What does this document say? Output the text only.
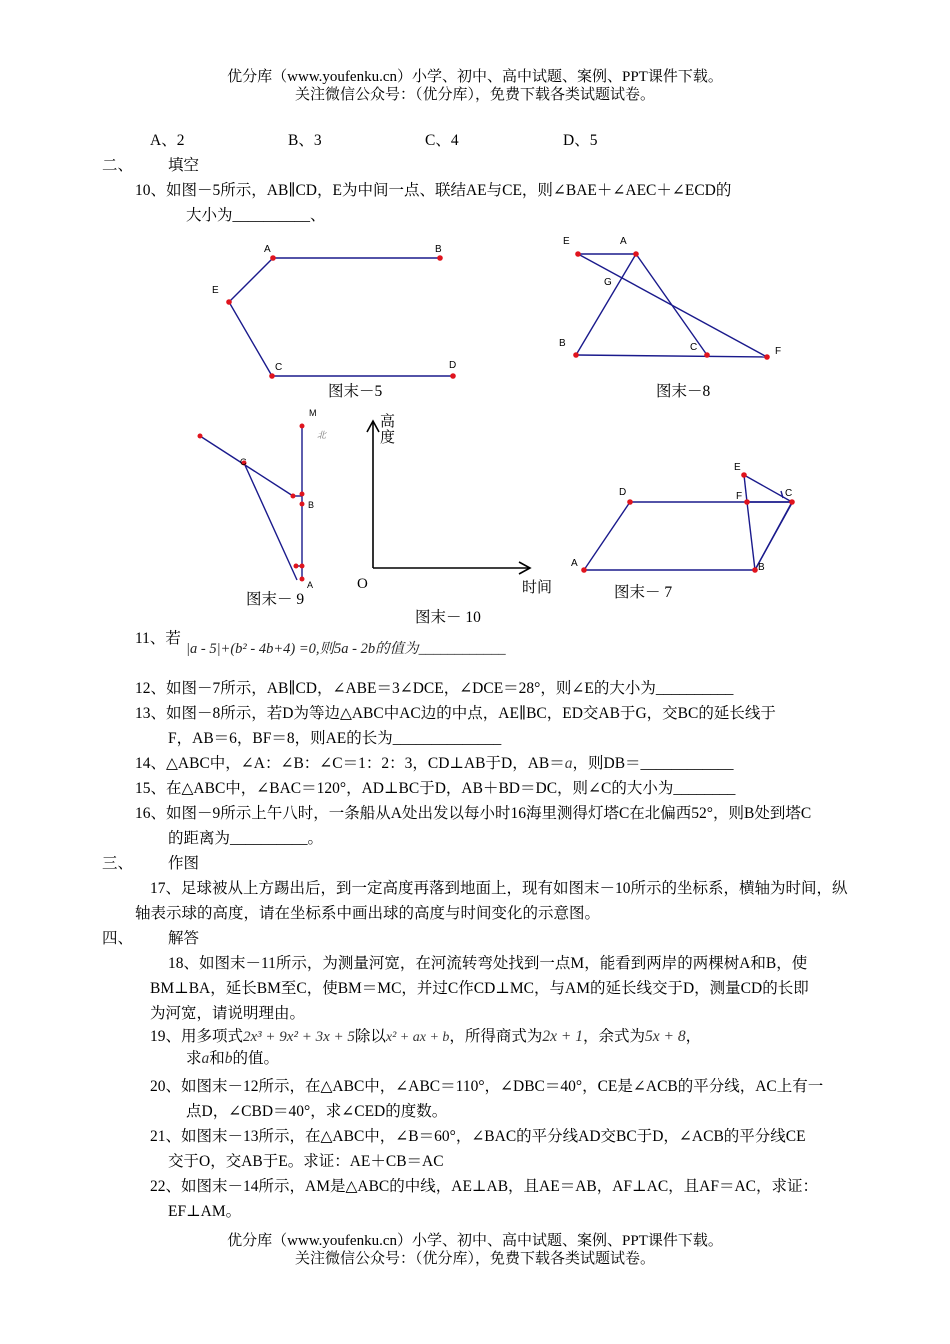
优分库（www.youfenku.cn）小学、初中、高中试题、案例、PPT课件下载。
关注微信公众号：（优分库），免费下载各类试题试卷。
A、2	B、3	C、4	D、5
二、 填空
10、如图－5所示，AB∥CD，E为中间一点、联结AE与CE，则∠BAE＋∠AEC＋∠ECD的
大小为__________、
A	B
E
C	D
E	A
G
B	C	F
M
北
C
B
A
E
D	F	C
A	B
图末－5	图末－8
图末－ 9	图末－ 7
图末－ 10
高
度
O	时间
11、若
|a - 5|+(b² - 4b+4) =0,则5a - 2b的值为____________
12、如图－7所示，AB∥CD，∠ABE＝3∠DCE，∠DCE＝28°，则∠E的大小为__________
13、如图－8所示，若D为等边△ABC中AC边的中点，AE∥BC，ED交AB于G，交BC的延长线于
F，AB＝6，BF＝8，则AE的长为______________
14、△ABC中，∠A：∠B：∠C＝1：2：3，CD⊥AB于D，AB＝a，则DB＝____________
15、在△ABC中，∠BAC＝120°，AD⊥BC于D，AB＋BD＝DC，则∠C的大小为________
16、如图－9所示上午八时，一条船从A处出发以每小时16海里测得灯塔C在北偏西52°，则B处到塔C
的距离为__________。
三、 作图
17、足球被从上方踢出后，到一定高度再落到地面上，现有如图末－10所示的坐标系，横轴为时间，纵
轴表示球的高度，请在坐标系中画出球的高度与时间变化的示意图。
四、 解答
18、如图末－11所示，为测量河宽，在河流转弯处找到一点M，能看到两岸的两棵树A和B，使
BM⊥BA，延长BM至C，使BM＝MC，并过C作CD⊥MC，与AM的延长线交于D，测量CD的长即
为河宽，请说明理由。
19、用多项式2x³ + 9x² + 3x + 5除以x² + ax + b，所得商式为2x + 1，余式为5x + 8，
求a和b的值。
20、如图末－12所示，在△ABC中，∠ABC＝110°，∠DBC＝40°，CE是∠ACB的平分线，AC上有一
点D，∠CBD＝40°，求∠CED的度数。
21、如图末－13所示，在△ABC中，∠B＝60°，∠BAC的平分线AD交BC于D，∠ACB的平分线CE
交于O，交AB于E。求证：AE＋CB＝AC
22、如图末－14所示，AM是△ABC的中线，AE⊥AB，且AE＝AB，AF⊥AC，且AF＝AC，求证：
EF⊥AM。
优分库（www.youfenku.cn）小学、初中、高中试题、案例、PPT课件下载。
关注微信公众号：（优分库），免费下载各类试题试卷。
